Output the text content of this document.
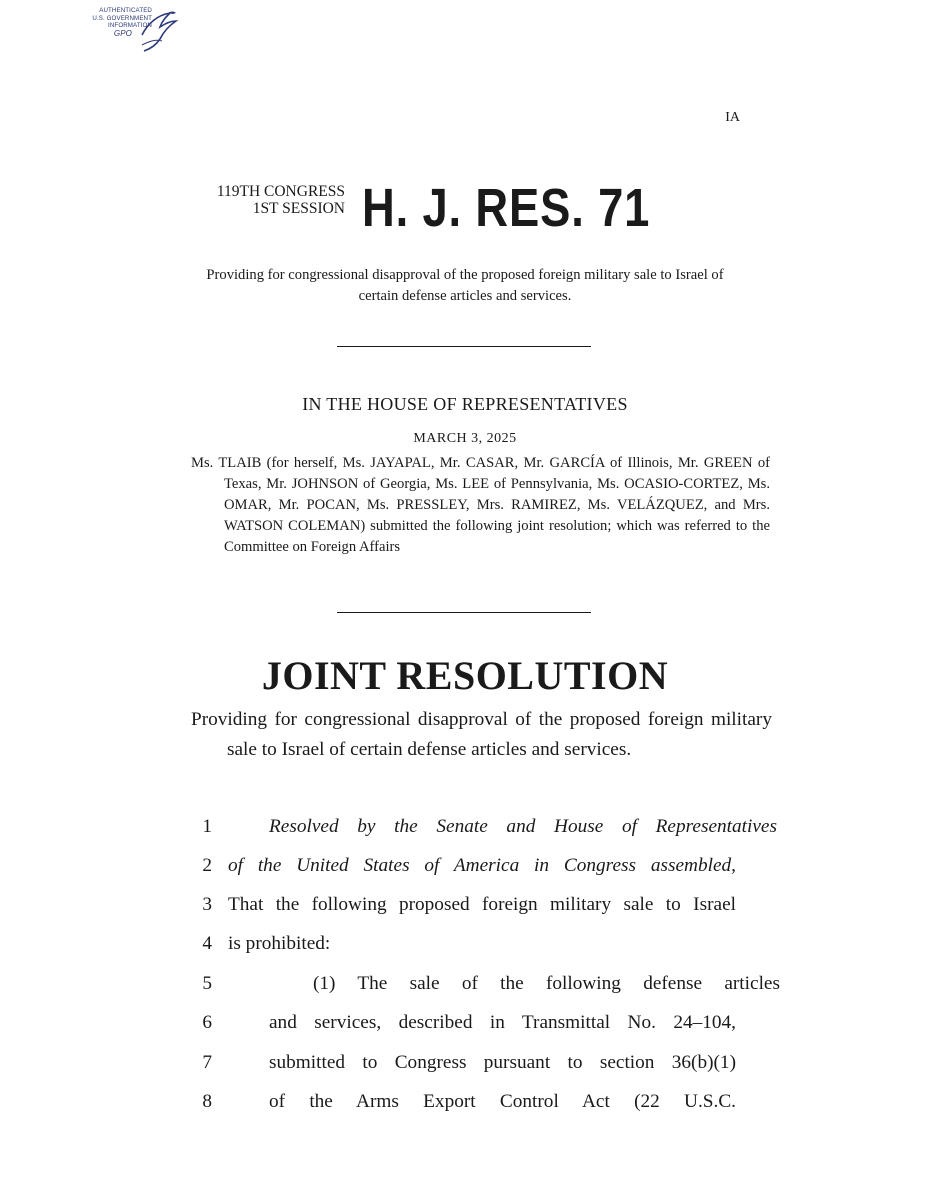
AUTHENTICATED
U.S. GOVERNMENT
INFORMATION
GPO
IA
119TH CONGRESS
1ST SESSION H. J. RES. 71
Providing for congressional disapproval of the proposed foreign military sale to Israel of certain defense articles and services.
IN THE HOUSE OF REPRESENTATIVES
MARCH 3, 2025
Ms. TLAIB (for herself, Ms. JAYAPAL, Mr. CASAR, Mr. GARCÍA of Illinois, Mr. GREEN of Texas, Mr. JOHNSON of Georgia, Ms. LEE of Pennsylvania, Ms. OCASIO-CORTEZ, Ms. OMAR, Mr. POCAN, Ms. PRESSLEY, Mrs. RAMIREZ, Ms. VELÁZQUEZ, and Mrs. WATSON COLEMAN) submitted the following joint resolution; which was referred to the Committee on Foreign Affairs
JOINT RESOLUTION
Providing for congressional disapproval of the proposed foreign military sale to Israel of certain defense articles and services.
1	Resolved by the Senate and House of Representatives
2 of the United States of America in Congress assembled,
3 That the following proposed foreign military sale to Israel
4 is prohibited:
5	(1) The sale of the following defense articles
6	and services, described in Transmittal No. 24–104,
7	submitted to Congress pursuant to section 36(b)(1)
8	of the Arms Export Control Act (22 U.S.C.
